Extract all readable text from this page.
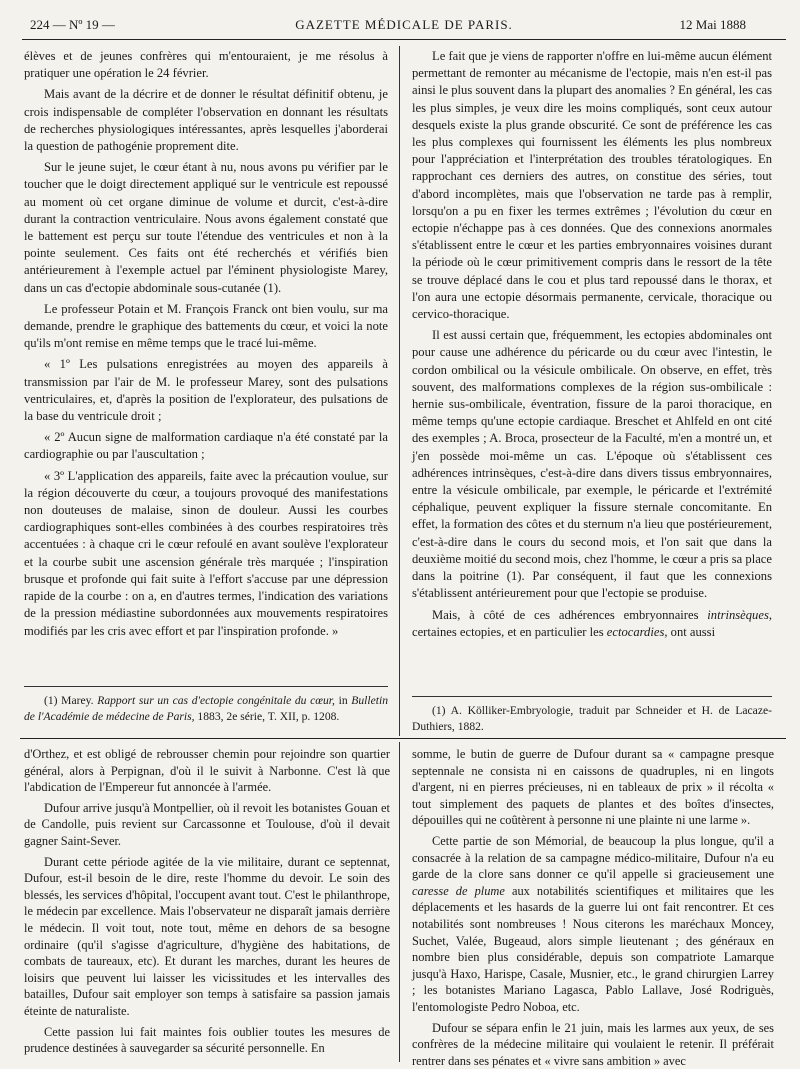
224 — Nº 19 —	GAZETTE MÉDICALE DE PARIS.	12 Mai 1888

élèves et de jeunes confrères qui m'entouraient, je me résolus à pratiquer une opération le 24 février.

Mais avant de la décrire et de donner le résultat définitif obtenu, je crois indispensable de compléter l'observation en donnant les résultats de recherches physiologiques intéressantes, après lesquelles j'aborderai la question de pathogénie proprement dite.

Sur le jeune sujet, le cœur étant à nu, nous avons pu vérifier par le toucher que le doigt directement appliqué sur le ventricule est repoussé au moment où cet organe diminue de volume et durcit, c'est-à-dire durant la contraction ventriculaire. Nous avons également constaté que le battement est perçu sur toute l'étendue des ventricules et non à la pointe seulement. Ces faits ont été recherchés et vérifiés bien antérieurement à l'exemple actuel par l'éminent physiologiste Marey, dans un cas d'ectopie abdominale sous-cutanée (1).

Le professeur Potain et M. François Franck ont bien voulu, sur ma demande, prendre le graphique des battements du cœur, et voici la note qu'ils m'ont remise en même temps que le tracé lui-même.

« 1º Les pulsations enregistrées au moyen des appareils à transmission par l'air de M. le professeur Marey, sont des pulsations ventriculaires, et, d'après la position de l'explorateur, des pulsations de la base du ventricule droit ;

« 2º Aucun signe de malformation cardiaque n'a été constaté par la cardiographie ou par l'auscultation ;

« 3º L'application des appareils, faite avec la précaution voulue, sur la région découverte du cœur, a toujours provoqué des manifestations non douteuses de malaise, sinon de douleur. Aussi les courbes cardiographiques sont-elles combinées à des courbes respiratoires très accentuées : à chaque cri le cœur refoulé en avant soulève l'explorateur et la courbe subit une ascension générale très marquée ; l'inspiration brusque et profonde qui fait suite à l'effort s'accuse par une dépression rapide de la courbe : on a, en d'autres termes, l'indication des variations de la pression médiastine subordonnées aux mouvements respiratoires modifiés par les cris avec effort et par l'inspiration profonde. »

(1) Marey. Rapport sur un cas d'ectopie congénitale du cœur, in Bulletin de l'Académie de médecine de Paris, 1883, 2e série, T. XII, p. 1208.

Le fait que je viens de rapporter n'offre en lui-même aucun élément permettant de remonter au mécanisme de l'ectopie, mais n'en est-il pas ainsi le plus souvent dans la plupart des anomalies ? En général, les cas les plus simples, je veux dire les moins compliqués, sont ceux autour desquels existe la plus grande obscurité. Ce sont de préférence les cas les plus complexes qui fournissent les éléments les plus nombreux pour l'appréciation et l'interprétation des troubles tératologiques. En rapprochant ces derniers des autres, on constitue des séries, tout d'abord incomplètes, mais que l'observation ne tarde pas à remplir, lorsqu'on a pu en fixer les termes extrêmes ; l'évolution du cœur en ectopie n'échappe pas à ces données. Que des connexions anormales s'établissent entre le cœur et les parties embryonnaires voisines durant la période où le cœur primitivement compris dans le ressort de la tête se trouve déplacé dans le cou et plus tard repoussé dans le thorax, et l'on aura une ectopie désormais permanente, cervicale, thoracique ou cervico-thoracique.

Il est aussi certain que, fréquemment, les ectopies abdominales ont pour cause une adhérence du péricarde ou du cœur avec l'intestin, le cordon ombilical ou la vésicule ombilicale. On observe, en effet, très souvent, des malformations complexes de la région sus-ombilicale : hernie sus-ombilicale, éventration, fissure de la paroi thoracique, en même temps qu'une ectopie cardiaque. Breschet et Ahlfeld en ont cité des exemples ; A. Broca, prosecteur de la Faculté, m'en a montré un, et j'en possède moi-même un cas. L'époque où s'établissent ces adhérences intrinsèques, c'est-à-dire dans divers tissus embryonnaires, entre la vésicule ombilicale, par exemple, le péricarde et l'extrémité céphalique, peuvent expliquer la fissure sternale concomitante. En effet, la formation des côtes et du sternum n'a lieu que postérieurement, c'est-à-dire dans le cours du second mois, et l'on sait que dans la deuxième moitié du second mois, chez l'homme, le cœur a pris sa place dans la poitrine (1). Par conséquent, il faut que les connexions s'établissent antérieurement pour que l'ectopie se produise.

Mais, à côté de ces adhérences embryonnaires intrinsèques, certaines ectopies, et en particulier les ectocardies, ont aussi

(1) A. Kölliker-Embryologie, traduit par Schneider et H. de Lacaze-Duthiers, 1882.

d'Orthez, et est obligé de rebrousser chemin pour rejoindre son quartier général, alors à Perpignan, d'où il le suivit à Narbonne. C'est là que l'abdication de l'Empereur fut annoncée à l'armée.

Dufour arrive jusqu'à Montpellier, où il revoit les botanistes Gouan et de Candolle, puis revient sur Carcassonne et Toulouse, d'où il devait gagner Saint-Sever.

Durant cette période agitée de la vie militaire, durant ce septennat, Dufour, est-il besoin de le dire, reste l'homme du devoir. Le soin des blessés, les services d'hôpital, l'occupent avant tout. C'est le philanthrope, le médecin par excellence. Mais l'observateur ne disparaît jamais derrière le médecin. Il voit tout, note tout, même en dehors de sa besogne ordinaire (qu'il s'agisse d'agriculture, d'hygiène des habitations, de combats de taureaux, etc). Et durant les marches, durant les heures de loisirs que peuvent lui laisser les vicissitudes et les intervalles des batailles, Dufour sait employer son temps à satisfaire sa passion jamais éteinte de naturaliste.

Cette passion lui fait maintes fois oublier toutes les mesures de prudence destinées à sauvegarder sa sécurité personnelle. En

somme, le butin de guerre de Dufour durant sa « campagne presque septennale ne consista ni en caissons de quadruples, ni en lingots d'argent, ni en pierres précieuses, ni en tableaux de prix » il récolta « tout simplement des paquets de plantes et des boîtes d'insectes, dépouilles qui ne coûtèrent à personne ni une plainte ni une larme ».

Cette partie de son Mémorial, de beaucoup la plus longue, qu'il a consacrée à la relation de sa campagne médico-militaire, Dufour n'a eu garde de la clore sans donner ce qu'il appelle si gracieusement une caresse de plume aux notabilités scientifiques et militaires que les déplacements et les hasards de la guerre lui ont fait rencontrer. Et ces notabilités sont nombreuses ! Nous citerons les maréchaux Moncey, Suchet, Valée, Bugeaud, alors simple lieutenant ; des généraux en nombre bien plus considérable, depuis son compatriote Lamarque jusqu'à Haxo, Harispe, Casale, Musnier, etc., le grand chirurgien Larrey ; les botanistes Mariano Lagasca, Pablo Lallave, José Rodriguès, l'entomologiste Pedro Noboa, etc.

Dufour se sépara enfin le 21 juin, mais les larmes aux yeux, de ses confrères de la médecine militaire qui voulaient le retenir. Il préférait rentrer dans ses pénates et « vivre sans ambition » avec
